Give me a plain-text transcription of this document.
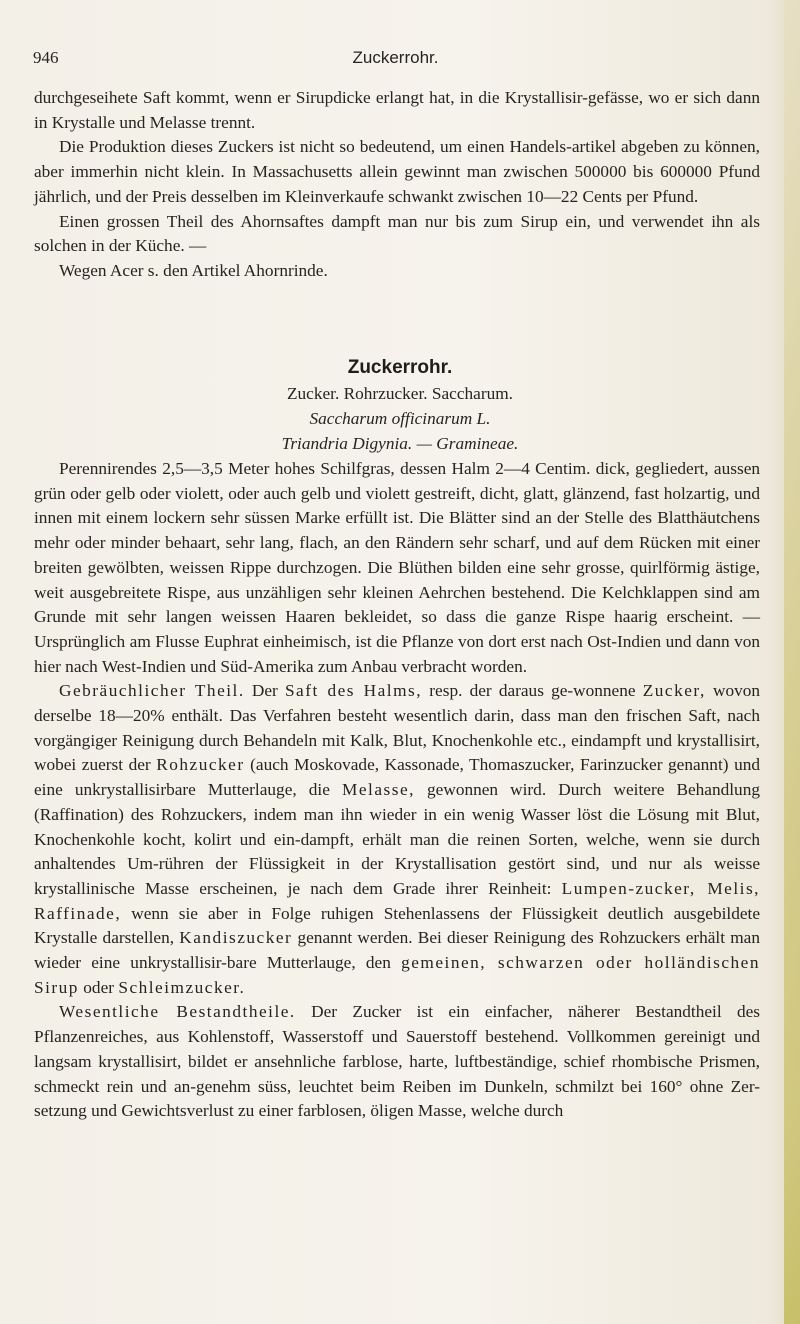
946	Zuckerrohr.

durchgeseihete Saft kommt, wenn er Sirupdicke erlangt hat, in die Krystallisir-gefässe, wo er sich dann in Krystalle und Melasse trennt.

Die Produktion dieses Zuckers ist nicht so bedeutend, um einen Handels-artikel abgeben zu können, aber immerhin nicht klein. In Massachusetts allein gewinnt man zwischen 500000 bis 600000 Pfund jährlich, und der Preis desselben im Kleinverkaufe schwankt zwischen 10—22 Cents per Pfund.

Einen grossen Theil des Ahornsaftes dampft man nur bis zum Sirup ein, und verwendet ihn als solchen in der Küche. —

Wegen Acer s. den Artikel Ahornrinde.

Zuckerrohr.
Zucker. Rohrzucker. Saccharum.
Saccharum officinarum L.
Triandria Digynia. — Gramineae.

Perennirendes 2,5—3,5 Meter hohes Schilfgras, dessen Halm 2—4 Centim. dick, gegliedert, aussen grün oder gelb oder violett, oder auch gelb und violett gestreift, dicht, glatt, glänzend, fast holzartig, und innen mit einem lockern sehr süssen Marke erfüllt ist. Die Blätter sind an der Stelle des Blatthäutchens mehr oder minder behaart, sehr lang, flach, an den Rändern sehr scharf, und auf dem Rücken mit einer breiten gewölbten, weissen Rippe durchzogen. Die Blüthen bilden eine sehr grosse, quirlförmig ästige, weit ausgebreitete Rispe, aus unzähligen sehr kleinen Aehrchen bestehend. Die Kelchklappen sind am Grunde mit sehr langen weissen Haaren bekleidet, so dass die ganze Rispe haarig erscheint. — Ursprünglich am Flusse Euphrat einheimisch, ist die Pflanze von dort erst nach Ost-Indien und dann von hier nach West-Indien und Süd-Amerika zum Anbau verbracht worden.

Gebräuchlicher Theil. Der Saft des Halms, resp. der daraus ge-wonnene Zucker, wovon derselbe 18—20% enthält. Das Verfahren besteht wesentlich darin, dass man den frischen Saft, nach vorgängiger Reinigung durch Behandeln mit Kalk, Blut, Knochenkohle etc., eindampft und krystallisirt, wobei zuerst der Rohzucker (auch Moskovade, Kassonade, Thomaszucker, Farinzucker genannt) und eine unkrystallisirbare Mutterlauge, die Melasse, gewonnen wird. Durch weitere Behandlung (Raffination) des Rohzuckers, indem man ihn wieder in ein wenig Wasser löst die Lösung mit Blut, Knochenkohle kocht, kolirt und ein-dampft, erhält man die reinen Sorten, welche, wenn sie durch anhaltendes Um-rühren der Flüssigkeit in der Krystallisation gestört sind, und nur als weisse krystallinische Masse erscheinen, je nach dem Grade ihrer Reinheit: Lumpen-zucker, Melis, Raffinade, wenn sie aber in Folge ruhigen Stehenlassens der Flüssigkeit deutlich ausgebildete Krystalle darstellen, Kandiszucker genannt werden. Bei dieser Reinigung des Rohzuckers erhält man wieder eine unkrystallisir-bare Mutterlauge, den gemeinen, schwarzen oder holländischen Sirup oder Schleimzucker.

Wesentliche Bestandtheile. Der Zucker ist ein einfacher, näherer Bestandtheil des Pflanzenreiches, aus Kohlenstoff, Wasserstoff und Sauerstoff bestehend. Vollkommen gereinigt und langsam krystallisirt, bildet er ansehnliche farblose, harte, luftbeständige, schief rhombische Prismen, schmeckt rein und an-genehm süss, leuchtet beim Reiben im Dunkeln, schmilzt bei 160° ohne Zer-setzung und Gewichtsverlust zu einer farblosen, öligen Masse, welche durch
